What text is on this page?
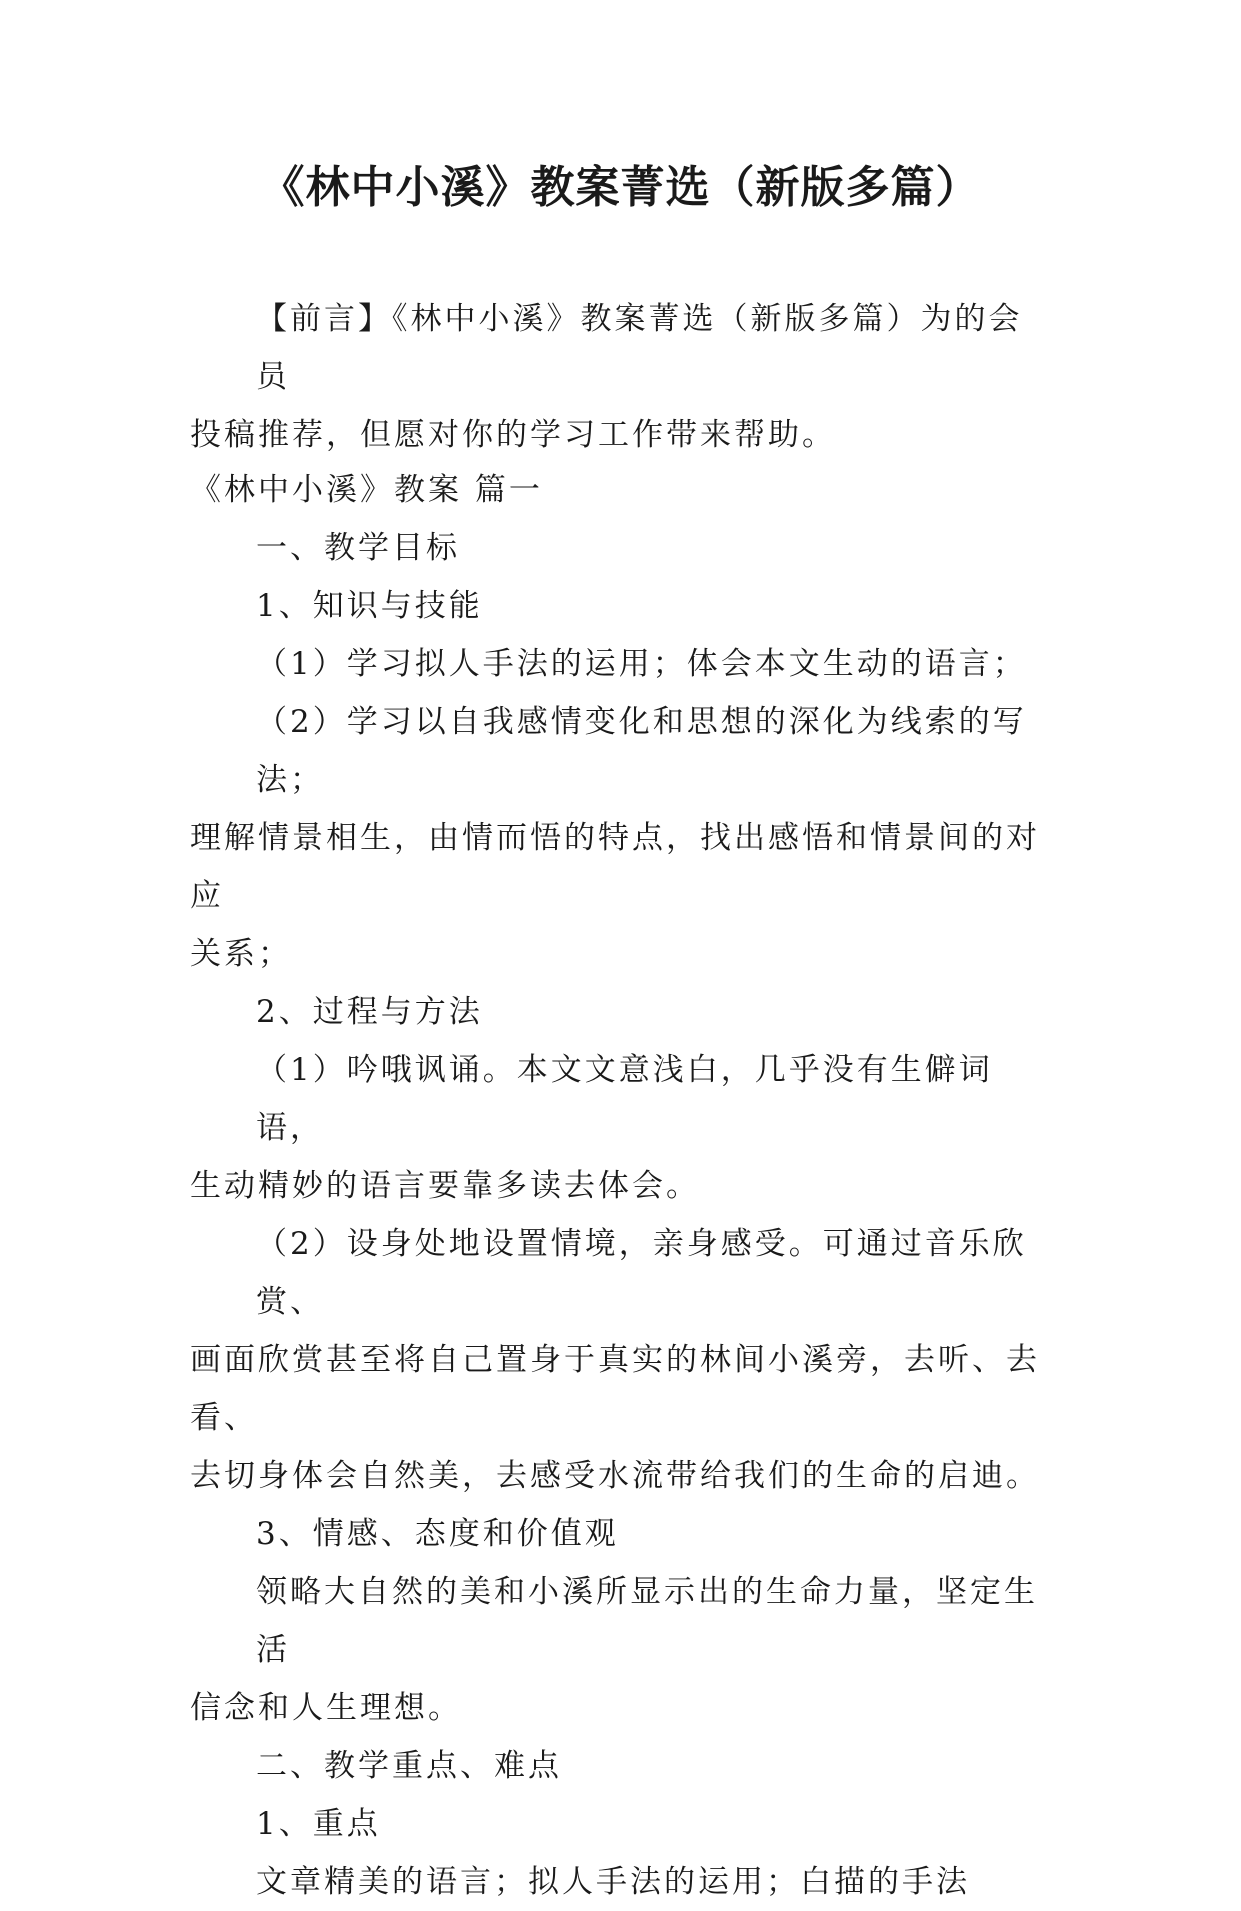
《林中小溪》教案菁选（新版多篇）

【前言】《林中小溪》教案菁选（新版多篇）为的会员

投稿推荐，但愿对你的学习工作带来帮助。

《林中小溪》教案 篇一

一、教学目标

1、知识与技能

（1）学习拟人手法的运用；体会本文生动的语言；

（2）学习以自我感情变化和思想的深化为线索的写法；

理解情景相生，由情而悟的特点，找出感悟和情景间的对应

关系；

2、过程与方法

（1）吟哦讽诵。本文文意浅白，几乎没有生僻词语，

生动精妙的语言要靠多读去体会。

（2）设身处地设置情境，亲身感受。可通过音乐欣赏、

画面欣赏甚至将自己置身于真实的林间小溪旁，去听、去看、

去切身体会自然美，去感受水流带给我们的生命的启迪。

3、情感、态度和价值观

领略大自然的美和小溪所显示出的生命力量，坚定生活

信念和人生理想。

二、教学重点、难点

1、重点

文章精美的语言；拟人手法的运用；白描的手法
